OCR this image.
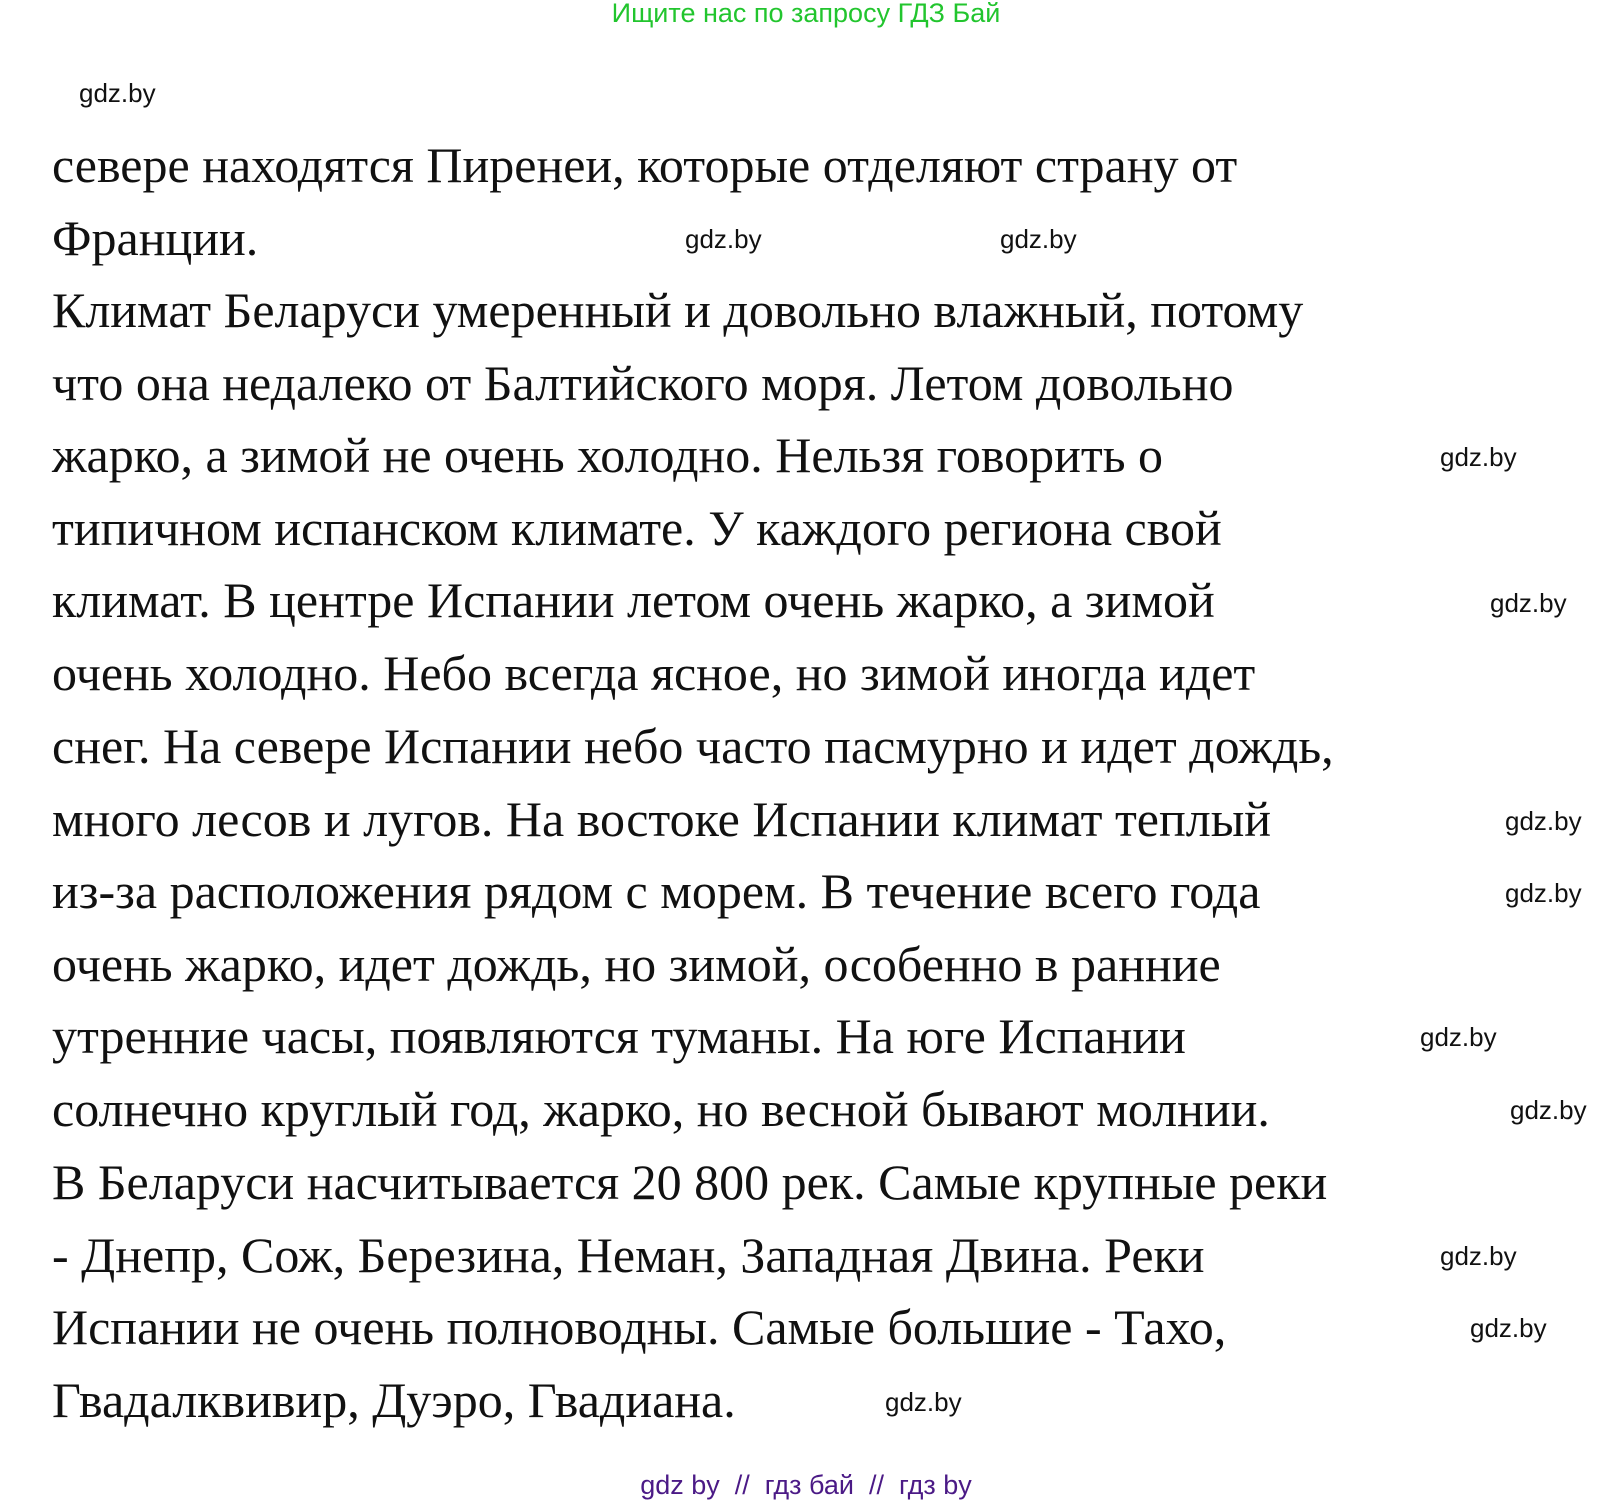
Ищите нас по запросу ГДЗ Бай
севере находятся Пиренеи, которые отделяют страну от
Франции.
Климат Беларуси умеренный и довольно влажный, потому
что она недалеко от Балтийского моря. Летом довольно
жарко, а зимой не очень холодно. Нельзя говорить о
типичном испанском климате. У каждого региона свой
климат. В центре Испании летом очень жарко, а зимой
очень холодно. Небо всегда ясное, но зимой иногда идет
снег. На севере Испании небо часто пасмурно и идет дождь,
много лесов и лугов. На востоке Испании климат теплый
из-за расположения рядом с морем. В течение всего года
очень жарко, идет дождь, но зимой, особенно в ранние
утренние часы, появляются туманы. На юге Испании
солнечно круглый год, жарко, но весной бывают молнии.
В Беларуси насчитывается 20 800 рек. Самые крупные реки
- Днепр, Сож, Березина, Неман, Западная Двина. Реки
Испании не очень полноводны. Самые большие - Тахо,
Гвадалквивир, Дуэро, Гвадиана.
gdz.by
gdz.by	gdz.by
gdz.by
gdz.by
gdz.by
gdz.by
gdz.by
gdz.by
gdz.by
gdz.by
gdz.by
gdz by  //  гдз бай  //  гдз by
